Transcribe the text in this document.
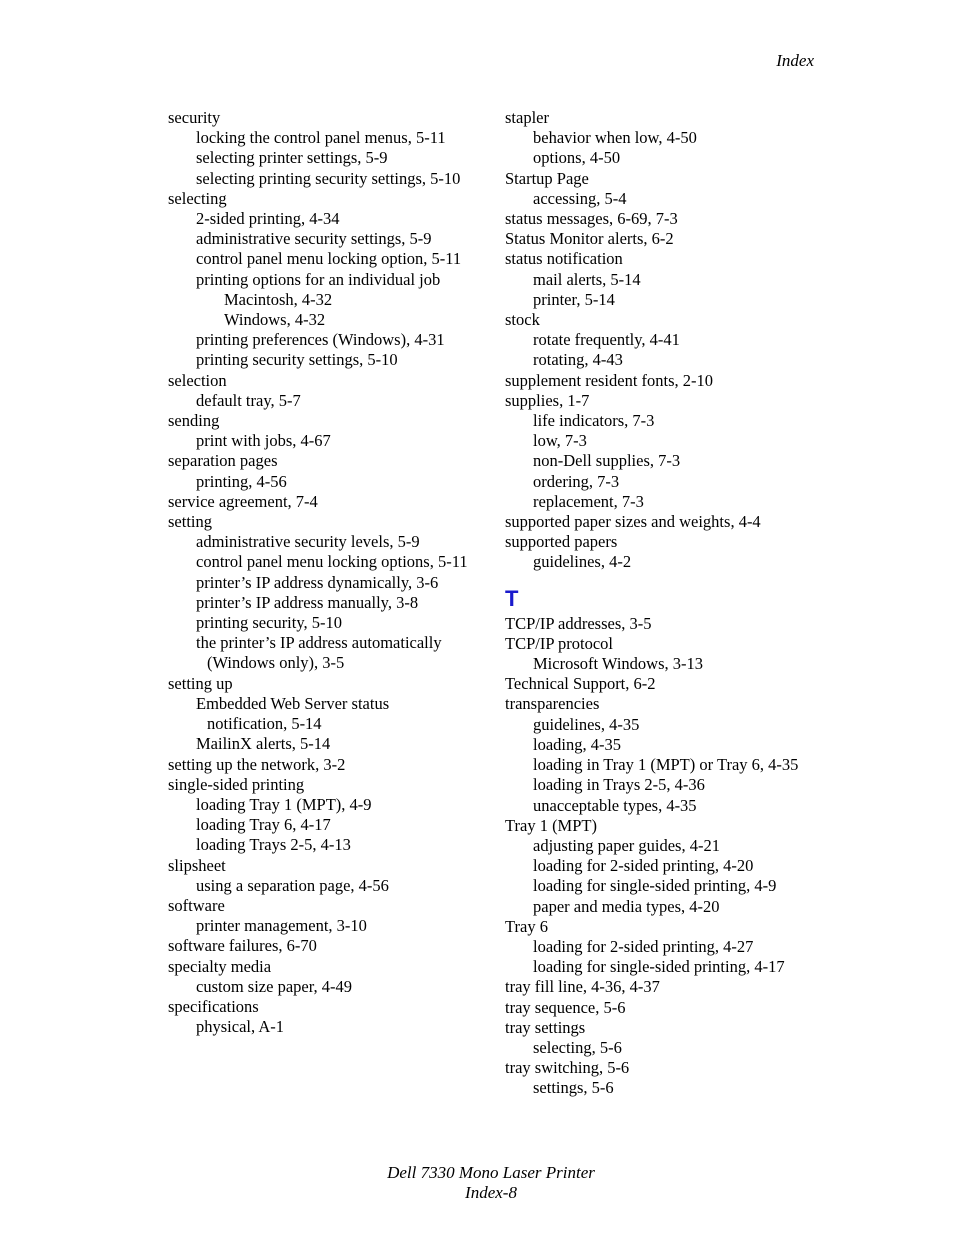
Index
security
locking the control panel menus, 5-11
selecting printer settings, 5-9
selecting printing security settings, 5-10
selecting
2-sided printing, 4-34
administrative security settings, 5-9
control panel menu locking option, 5-11
printing options for an individual job
Macintosh, 4-32
Windows, 4-32
printing preferences (Windows), 4-31
printing security settings, 5-10
selection
default tray, 5-7
sending
print with jobs, 4-67
separation pages
printing, 4-56
service agreement, 7-4
setting
administrative security levels, 5-9
control panel menu locking options, 5-11
printer’s IP address dynamically, 3-6
printer’s IP address manually, 3-8
printing security, 5-10
the printer’s IP address automatically
(Windows only), 3-5
setting up
Embedded Web Server status
notification, 5-14
MailinX alerts, 5-14
setting up the network, 3-2
single-sided printing
loading Tray 1 (MPT), 4-9
loading Tray 6, 4-17
loading Trays 2-5, 4-13
slipsheet
using a separation page, 4-56
software
printer management, 3-10
software failures, 6-70
specialty media
custom size paper, 4-49
specifications
physical, A-1
stapler
behavior when low, 4-50
options, 4-50
Startup Page
accessing, 5-4
status messages, 6-69, 7-3
Status Monitor alerts, 6-2
status notification
mail alerts, 5-14
printer, 5-14
stock
rotate frequently, 4-41
rotating, 4-43
supplement resident fonts, 2-10
supplies, 1-7
life indicators, 7-3
low, 7-3
non-Dell supplies, 7-3
ordering, 7-3
replacement, 7-3
supported paper sizes and weights, 4-4
supported papers
guidelines, 4-2
T
TCP/IP addresses, 3-5
TCP/IP protocol
Microsoft Windows, 3-13
Technical Support, 6-2
transparencies
guidelines, 4-35
loading, 4-35
loading in Tray 1 (MPT) or Tray 6, 4-35
loading in Trays 2-5, 4-36
unacceptable types, 4-35
Tray 1 (MPT)
adjusting paper guides, 4-21
loading for 2-sided printing, 4-20
loading for single-sided printing, 4-9
paper and media types, 4-20
Tray 6
loading for 2-sided printing, 4-27
loading for single-sided printing, 4-17
tray fill line, 4-36, 4-37
tray sequence, 5-6
tray settings
selecting, 5-6
tray switching, 5-6
settings, 5-6
Dell 7330 Mono Laser Printer
Index-8
